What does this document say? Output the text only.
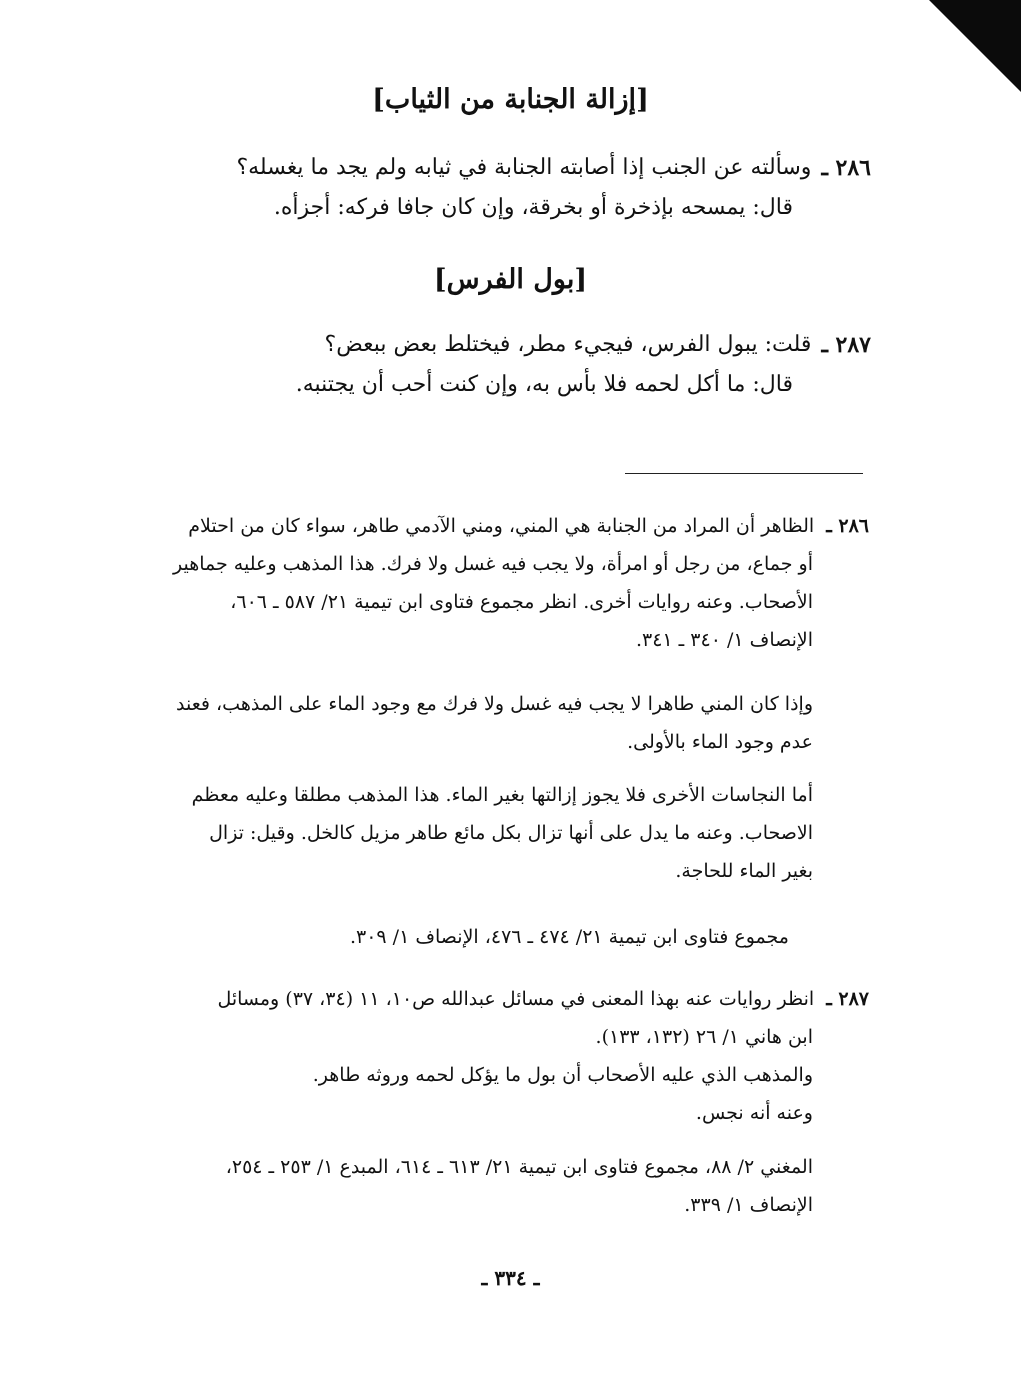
[إزالة الجنابة من الثياب]
٢٨٦ ـ
وسألته عن الجنب إذا أصابته الجنابة في ثيابه ولم يجد ما يغسله؟
قال: يمسحه بإذخرة أو بخرقة، وإن كان جافا فركه: أجزأه.
[بول الفرس]
٢٨٧ ـ
قلت: يبول الفرس، فيجيء مطر، فيختلط بعض ببعض؟
قال: ما أكل لحمه فلا بأس به، وإن كنت أحب أن يجتنبه.
٢٨٦ ـ الظاهر أن المراد من الجنابة هي المني، ومني الآدمي طاهر، سواء كان من احتلام
أو جماع، من رجل أو امرأة، ولا يجب فيه غسل ولا فرك. هذا المذهب وعليه جماهير
الأصحاب. وعنه روايات أخرى. انظر مجموع فتاوى ابن تيمية ٢١/ ٥٨٧ ـ ٦٠٦،
الإنصاف ١/ ٣٤٠ ـ ٣٤١.
وإذا كان المني طاهرا لا يجب فيه غسل ولا فرك مع وجود الماء على المذهب، فعند
عدم وجود الماء بالأولى.
أما النجاسات الأخرى فلا يجوز إزالتها بغير الماء. هذا المذهب مطلقا وعليه معظم
الاصحاب. وعنه ما يدل على أنها تزال بكل مائع طاهر مزيل كالخل. وقيل: تزال
بغير الماء للحاجة.
مجموع فتاوى ابن تيمية ٢١/ ٤٧٤ ـ ٤٧٦، الإنصاف ١/ ٣٠٩.
٢٨٧ ـ انظر روايات عنه بهذا المعنى في مسائل عبدالله ص١٠، ١١ (٣٤، ٣٧) ومسائل
ابن هاني ١/ ٢٦ (١٣٢، ١٣٣).
والمذهب الذي عليه الأصحاب أن بول ما يؤكل لحمه وروثه طاهر.
وعنه أنه نجس.
المغني ٢/ ٨٨، مجموع فتاوى ابن تيمية ٢١/ ٦١٣ ـ ٦١٤، المبدع ١/ ٢٥٣ ـ ٢٥٤،
الإنصاف ١/ ٣٣٩.
ـ ٣٣٤ ـ
